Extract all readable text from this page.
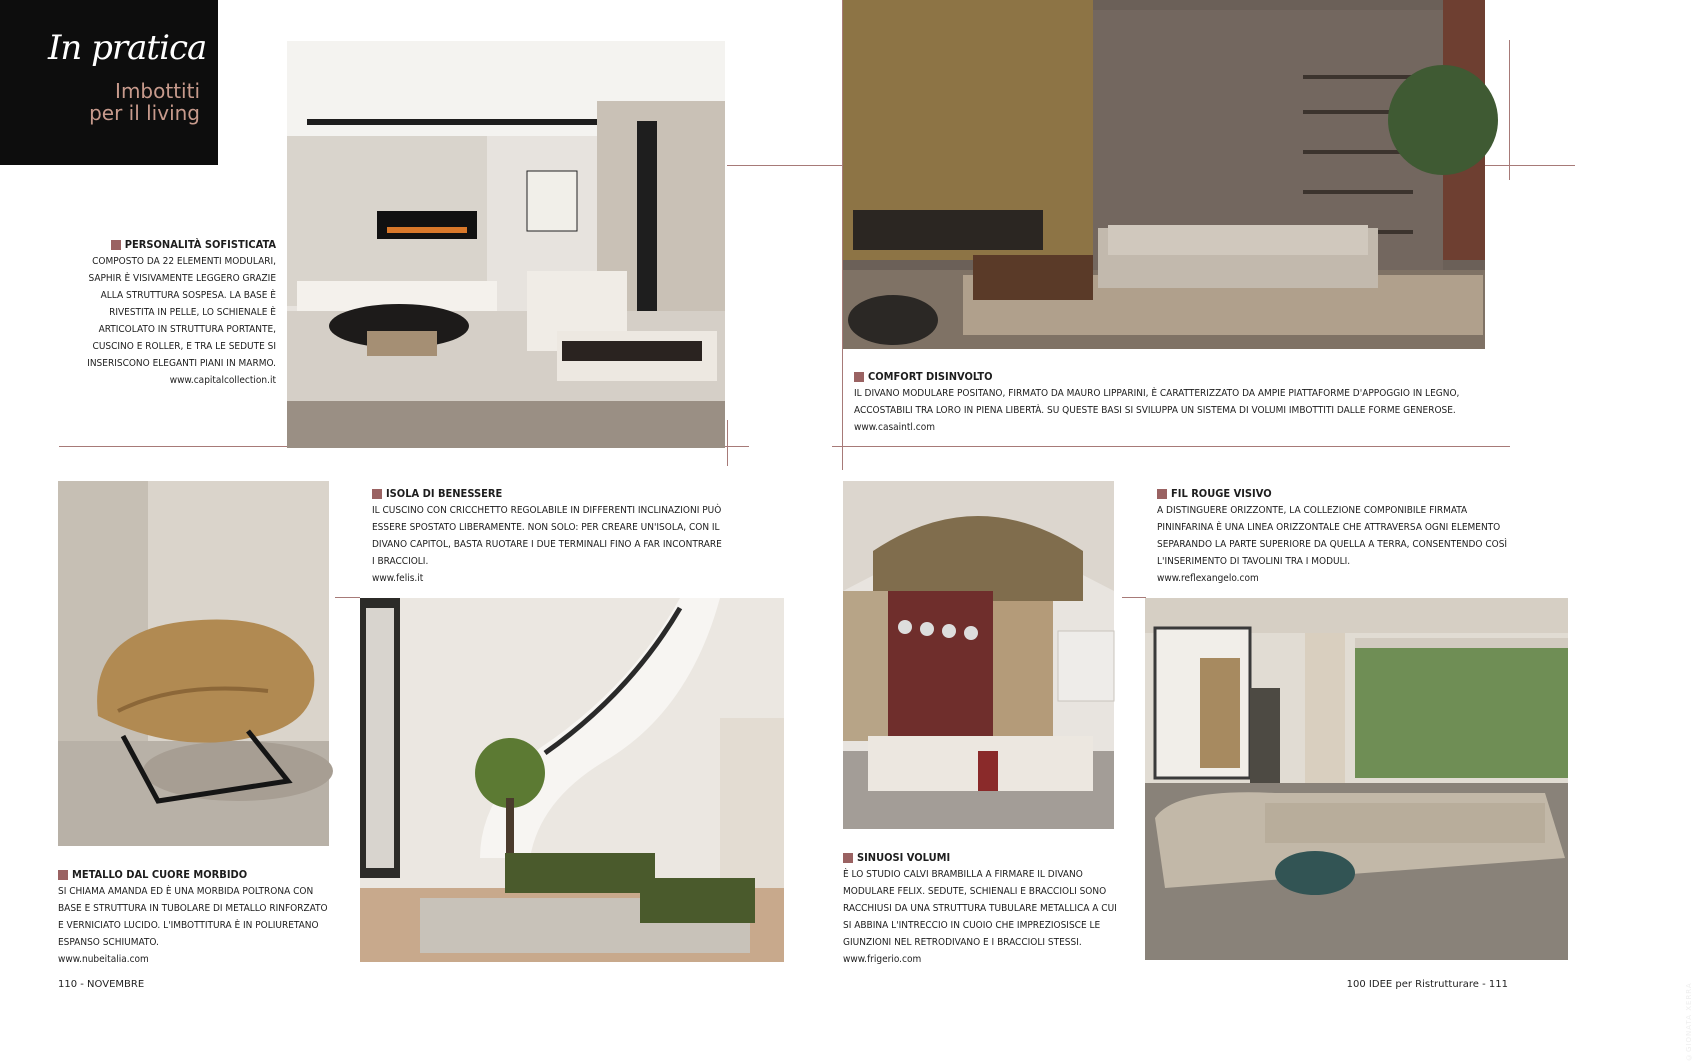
In pratica
Imbottiti
per il living
©GIONATA XERRA
PERSONALITÀ SOFISTICATA
COMPOSTO DA 22 ELEMENTI MODULARI, SAPHIR È VISIVAMENTE LEGGERO GRAZIE ALLA STRUTTURA SOSPESA. LA BASE È RIVESTITA IN PELLE, LO SCHIENALE È ARTICOLATO IN STRUTTURA PORTANTE, CUSCINO E ROLLER, E TRA LE SEDUTE SI INSERISCONO ELEGANTI PIANI IN MARMO.
www.capitalcollection.it	COMFORT DISINVOLTO
IL DIVANO MODULARE POSITANO, FIRMATO DA MAURO LIPPARINI, È CARATTERIZZATO DA AMPIE PIATTAFORME D'APPOGGIO IN LEGNO, ACCOSTABILI TRA LORO IN PIENA LIBERTÀ. SU QUESTE BASI SI SVILUPPA UN SISTEMA DI VOLUMI IMBOTTITI DALLE FORME GENEROSE.
www.casaintl.com
ISOLA DI BENESSERE
IL CUSCINO CON CRICCHETTO REGOLABILE IN DIFFERENTI INCLINAZIONI PUÒ ESSERE SPOSTATO LIBERAMENTE. NON SOLO: PER CREARE UN'ISOLA, CON IL DIVANO CAPITOL, BASTA RUOTARE I DUE TERMINALI FINO A FAR INCONTRARE I BRACCIOLI.
www.felis.it
FIL ROUGE VISIVO
A DISTINGUERE ORIZZONTE, LA COLLEZIONE COMPONIBILE FIRMATA PININFARINA È UNA LINEA ORIZZONTALE CHE ATTRAVERSA OGNI ELEMENTO SEPARANDO LA PARTE SUPERIORE DA QUELLA A TERRA, CONSENTENDO COSÌ L'INSERIMENTO DI TAVOLINI TRA I MODULI.
www.reflexangelo.com
METALLO DAL CUORE MORBIDO
SI CHIAMA AMANDA ED È UNA MORBIDA POLTRONA CON BASE E STRUTTURA IN TUBOLARE DI METALLO RINFORZATO E VERNICIATO LUCIDO. L'IMBOTTITURA È IN POLIURETANO ESPANSO SCHIUMATO.
www.nubeitalia.com
SINUOSI VOLUMI
È LO STUDIO CALVI BRAMBILLA A FIRMARE IL DIVANO MODULARE FELIX. SEDUTE, SCHIENALI E BRACCIOLI SONO RACCHIUSI DA UNA STRUTTURA TUBULARE METALLICA A CUI SI ABBINA L'INTRECCIO IN CUOIO CHE IMPREZIOSISCE LE GIUNZIONI NEL RETRODIVANO E I BRACCIOLI STESSI.
www.frigerio.com
110 - NOVEMBRE	100 IDEE per Ristrutturare - 111
